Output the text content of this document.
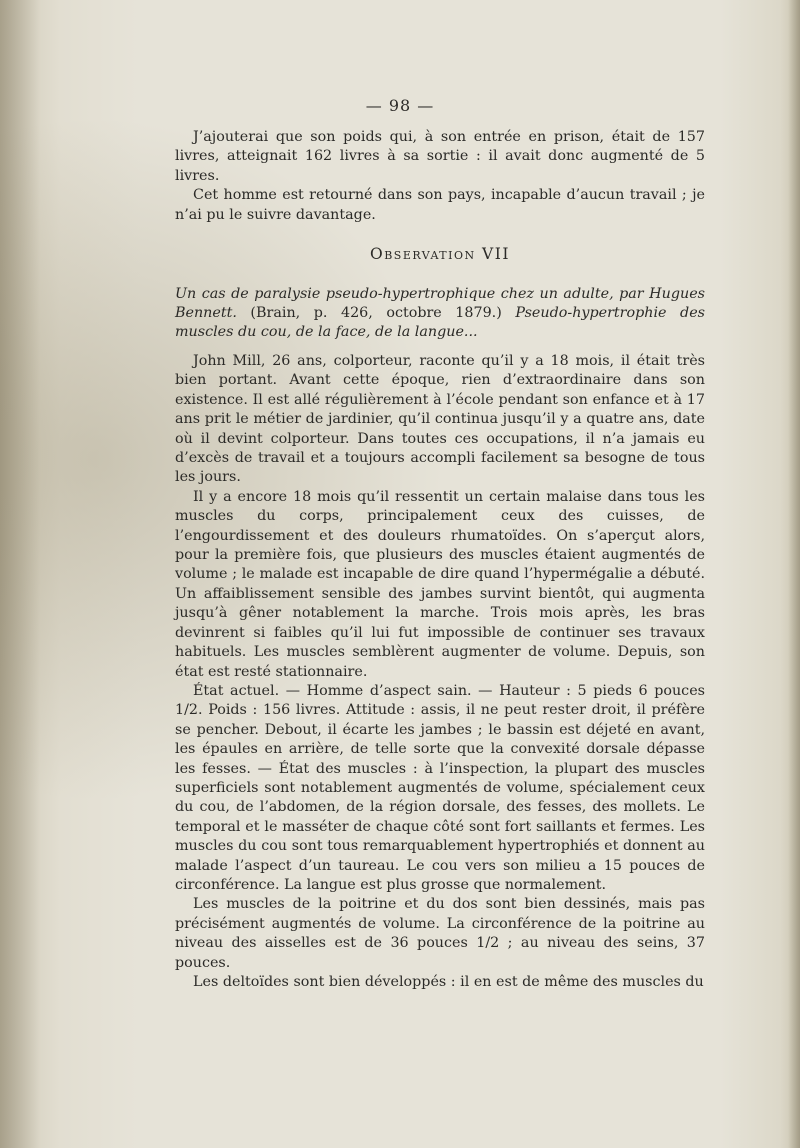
— 98 —

J’ajouterai que son poids qui, à son entrée en prison, était de 157 livres, atteignait 162 livres à sa sortie : il avait donc augmenté de 5 livres.

Cet homme est retourné dans son pays, incapable d’aucun travail ; je n’ai pu le suivre davantage.

Observation VII

Un cas de paralysie pseudo-hypertrophique chez un adulte, par Hugues Bennett. (Brain, p. 426, octobre 1879.) Pseudo-hypertrophie des muscles du cou, de la face, de la langue...

John Mill, 26 ans, colporteur, raconte qu’il y a 18 mois, il était très bien portant. Avant cette époque, rien d’extraordinaire dans son existence. Il est allé régulièrement à l’école pendant son enfance et à 17 ans prit le métier de jardinier, qu’il continua jusqu’il y a quatre ans, date où il devint colporteur. Dans toutes ces occupations, il n’a jamais eu d’excès de travail et a toujours accompli facilement sa besogne de tous les jours.

Il y a encore 18 mois qu’il ressentit un certain malaise dans tous les muscles du corps, principalement ceux des cuisses, de l’engourdissement et des douleurs rhumatoïdes. On s’aperçut alors, pour la première fois, que plusieurs des muscles étaient augmentés de volume ; le malade est incapable de dire quand l’hypermégalie a débuté. Un affaiblissement sensible des jambes survint bientôt, qui augmenta jusqu’à gêner notablement la marche. Trois mois après, les bras devinrent si faibles qu’il lui fut impossible de continuer ses travaux habituels. Les muscles semblèrent augmenter de volume. Depuis, son état est resté stationnaire.

État actuel. — Homme d’aspect sain. — Hauteur : 5 pieds 6 pouces 1/2. Poids : 156 livres. Attitude : assis, il ne peut rester droit, il préfère se pencher. Debout, il écarte les jambes ; le bassin est déjeté en avant, les épaules en arrière, de telle sorte que la convexité dorsale dépasse les fesses. — État des muscles : à l’inspection, la plupart des muscles superficiels sont notablement augmentés de volume, spécialement ceux du cou, de l’abdomen, de la région dorsale, des fesses, des mollets. Le temporal et le masséter de chaque côté sont fort saillants et fermes. Les muscles du cou sont tous remarquablement hypertrophiés et donnent au malade l’aspect d’un taureau. Le cou vers son milieu a 15 pouces de circonférence. La langue est plus grosse que normalement.

Les muscles de la poitrine et du dos sont bien dessinés, mais pas précisément augmentés de volume. La circonférence de la poitrine au niveau des aisselles est de 36 pouces 1/2 ; au niveau des seins, 37 pouces.

Les deltoïdes sont bien développés : il en est de même des muscles du
